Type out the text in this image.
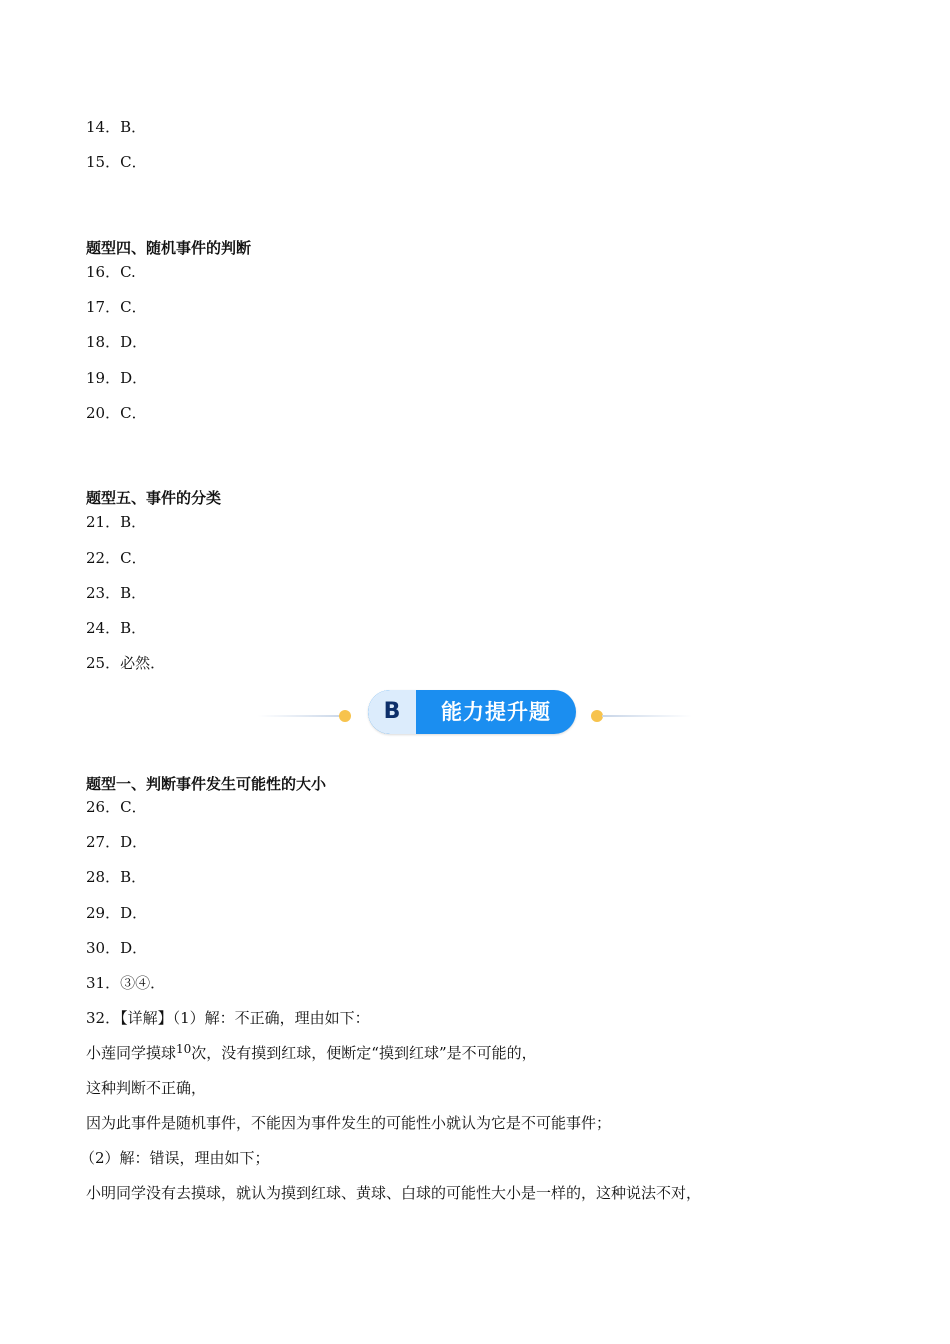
14．B．
15．C．
题型四、随机事件的判断
16．C.
17．C．
18．D．
19．D．
20．C．
题型五、事件的分类
21．B．
22．C．
23．B．
24．B．
25．必然．
B	能力提升题
题型一、判断事件发生可能性的大小
26．C．
27．D．
28．B．
29．D．
30．D．
31．③④．
32．【详解】（1）解：不正确，理由如下：
小莲同学摸球$^{10}$次，没有摸到红球，便断定“摸到红球”是不可能的，
这种判断不正确，
因为此事件是随机事件，不能因为事件发生的可能性小就认为它是不可能事件；
（2）解：错误，理由如下；
小明同学没有去摸球，就认为摸到红球、黄球、白球的可能性大小是一样的，这种说法不对，
